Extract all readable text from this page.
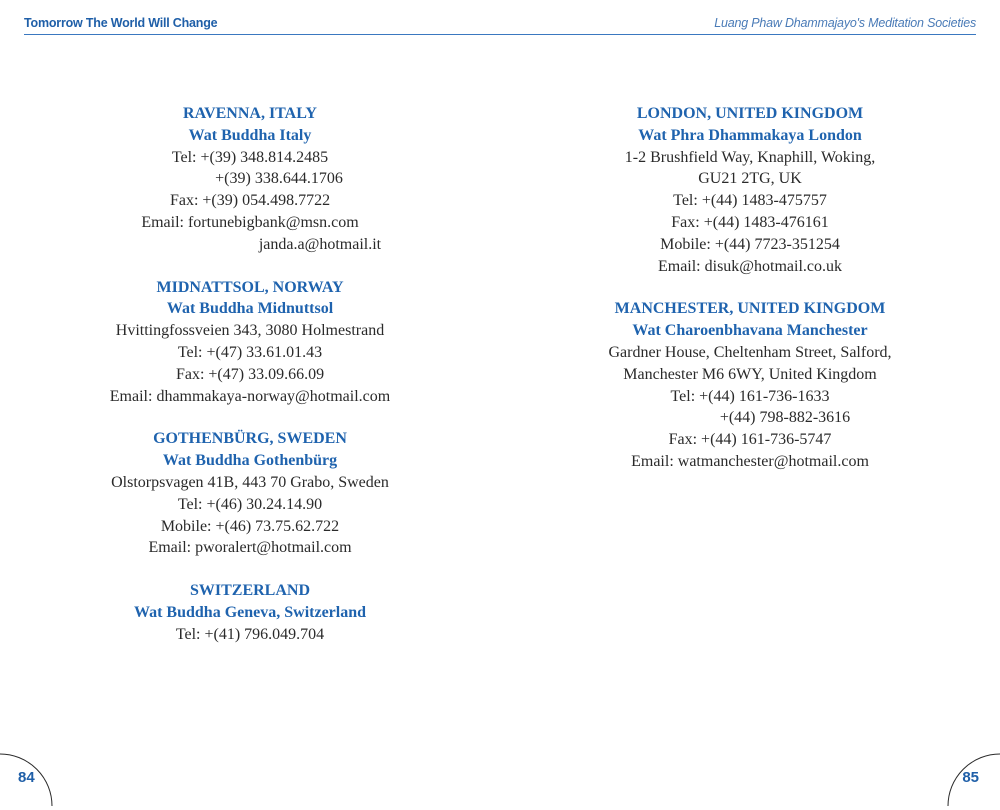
Tomorrow The World Will Change	Luang Phaw Dhammajayo's Meditation Societies
RAVENNA, ITALY
Wat Buddha Italy
Tel: +(39) 348.814.2485
+(39) 338.644.1706
Fax: +(39) 054.498.7722
Email: fortunebigbank@msn.com
janda.a@hotmail.it
MIDNATTSOL, NORWAY
Wat Buddha Midnuttsol
Hvittingfossveien 343, 3080 Holmestrand
Tel: +(47) 33.61.01.43
Fax: +(47) 33.09.66.09
Email: dhammakaya-norway@hotmail.com
GOTHENBÜRG, SWEDEN
Wat Buddha Gothenbürg
Olstorpsvagen 41B, 443 70 Grabo, Sweden
Tel: +(46) 30.24.14.90
Mobile: +(46) 73.75.62.722
Email: pworalert@hotmail.com
SWITZERLAND
Wat Buddha Geneva, Switzerland
Tel: +(41) 796.049.704
LONDON, UNITED KINGDOM
Wat Phra Dhammakaya London
1-2 Brushfield Way, Knaphill, Woking,
GU21 2TG, UK
Tel: +(44) 1483-475757
Fax: +(44) 1483-476161
Mobile: +(44) 7723-351254
Email: disuk@hotmail.co.uk
MANCHESTER, UNITED KINGDOM
Wat Charoenbhavana Manchester
Gardner House, Cheltenham Street, Salford,
Manchester M6 6WY, United Kingdom
Tel: +(44) 161-736-1633
+(44) 798-882-3616
Fax: +(44) 161-736-5747
Email: watmanchester@hotmail.com
84	85
